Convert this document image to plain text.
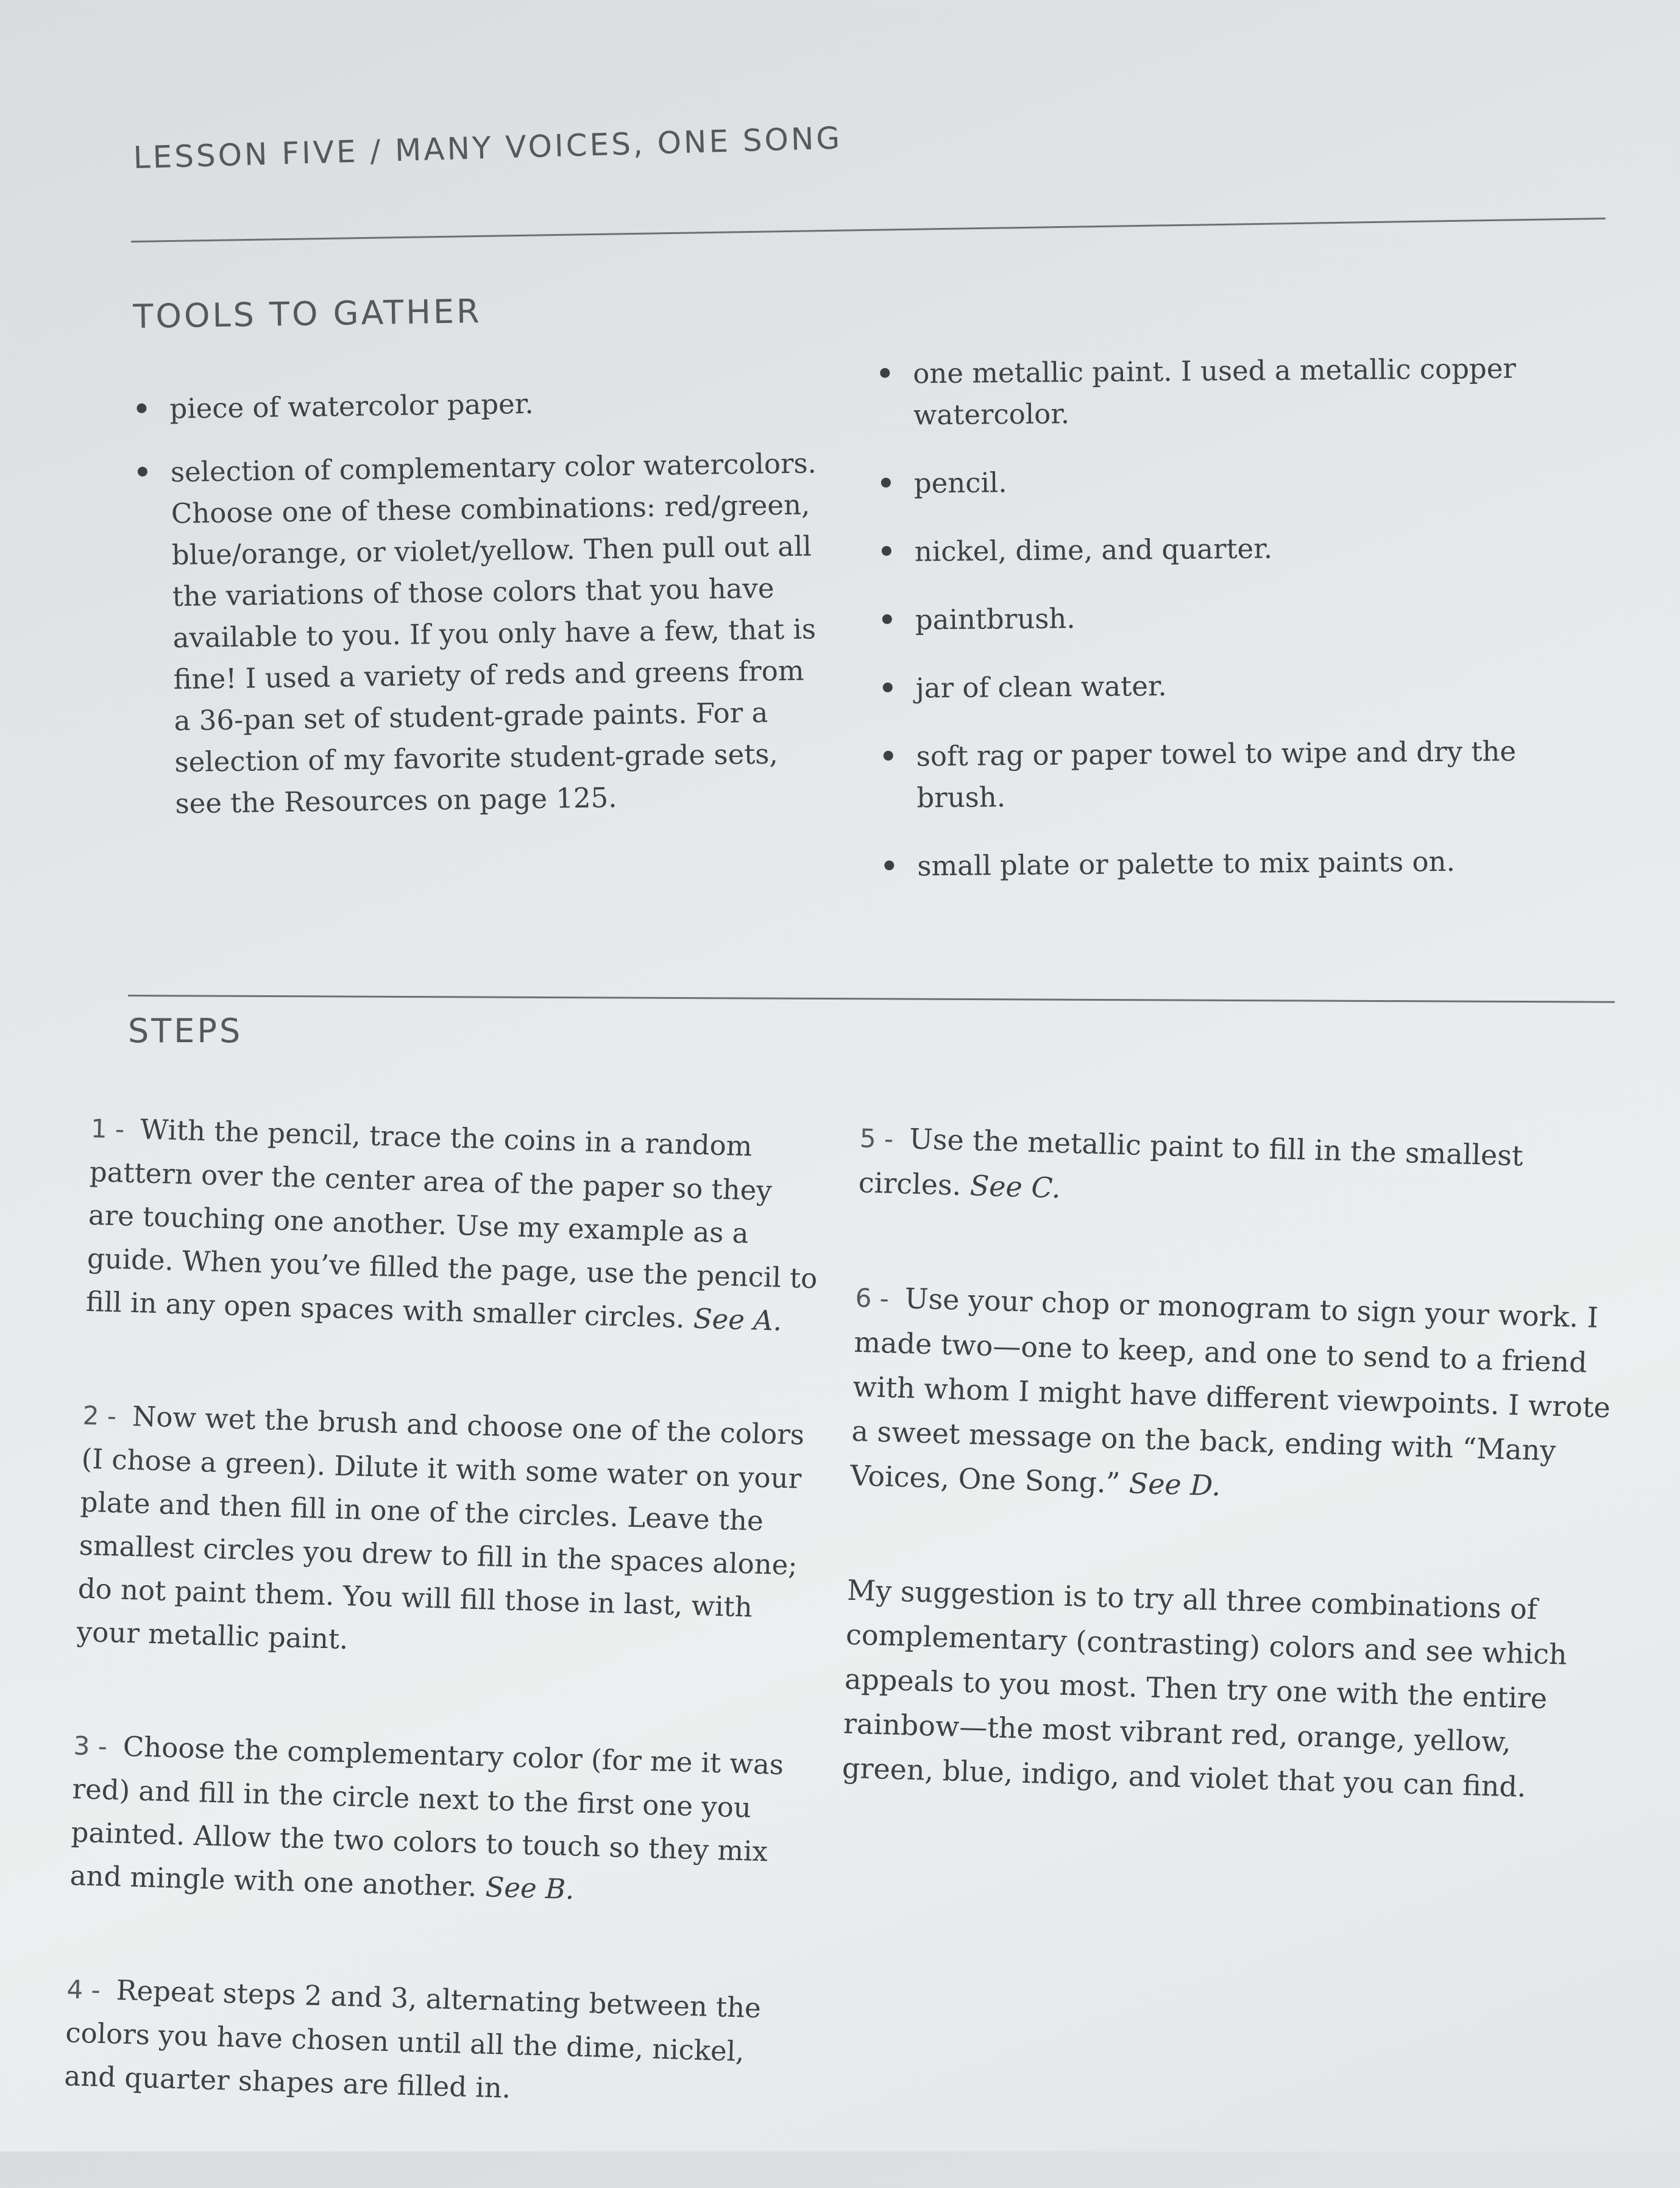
LESSON FIVE / MANY VOICES, ONE SONG
TOOLS TO GATHER
piece of watercolor paper.
selection of complementary color watercolors. Choose one of these combinations: red/green, blue/orange, or violet/yellow. Then pull out all the variations of those colors that you have available to you. If you only have a few, that is fine! I used a variety of reds and greens from a 36-pan set of student-grade paints. For a selection of my favorite student-grade sets, see the Resources on page 125.
one metallic paint. I used a metallic copper watercolor.
pencil.
nickel, dime, and quarter.
paintbrush.
jar of clean water.
soft rag or paper towel to wipe and dry the brush.
small plate or palette to mix paints on.
STEPS

1 - With the pencil, trace the coins in a random pattern over the center area of the paper so they are touching one another. Use my example as a guide. When you’ve filled the page, use the pencil to fill in any open spaces with smaller circles. See A.

2 - Now wet the brush and choose one of the colors (I chose a green). Dilute it with some water on your plate and then fill in one of the circles. Leave the smallest circles you drew to fill in the spaces alone; do not paint them. You will fill those in last, with your metallic paint.

3 - Choose the complementary color (for me it was red) and fill in the circle next to the first one you painted. Allow the two colors to touch so they mix and mingle with one another. See B.

4 - Repeat steps 2 and 3, alternating between the colors you have chosen until all the dime, nickel, and quarter shapes are filled in.

5 - Use the metallic paint to fill in the smallest circles. See C.

6 - Use your chop or monogram to sign your work. I made two—one to keep, and one to send to a friend with whom I might have different viewpoints. I wrote a sweet message on the back, ending with “Many Voices, One Song.” See D.

My suggestion is to try all three combinations of complementary (contrasting) colors and see which appeals to you most. Then try one with the entire rainbow—the most vibrant red, orange, yellow, green, blue, indigo, and violet that you can find.
